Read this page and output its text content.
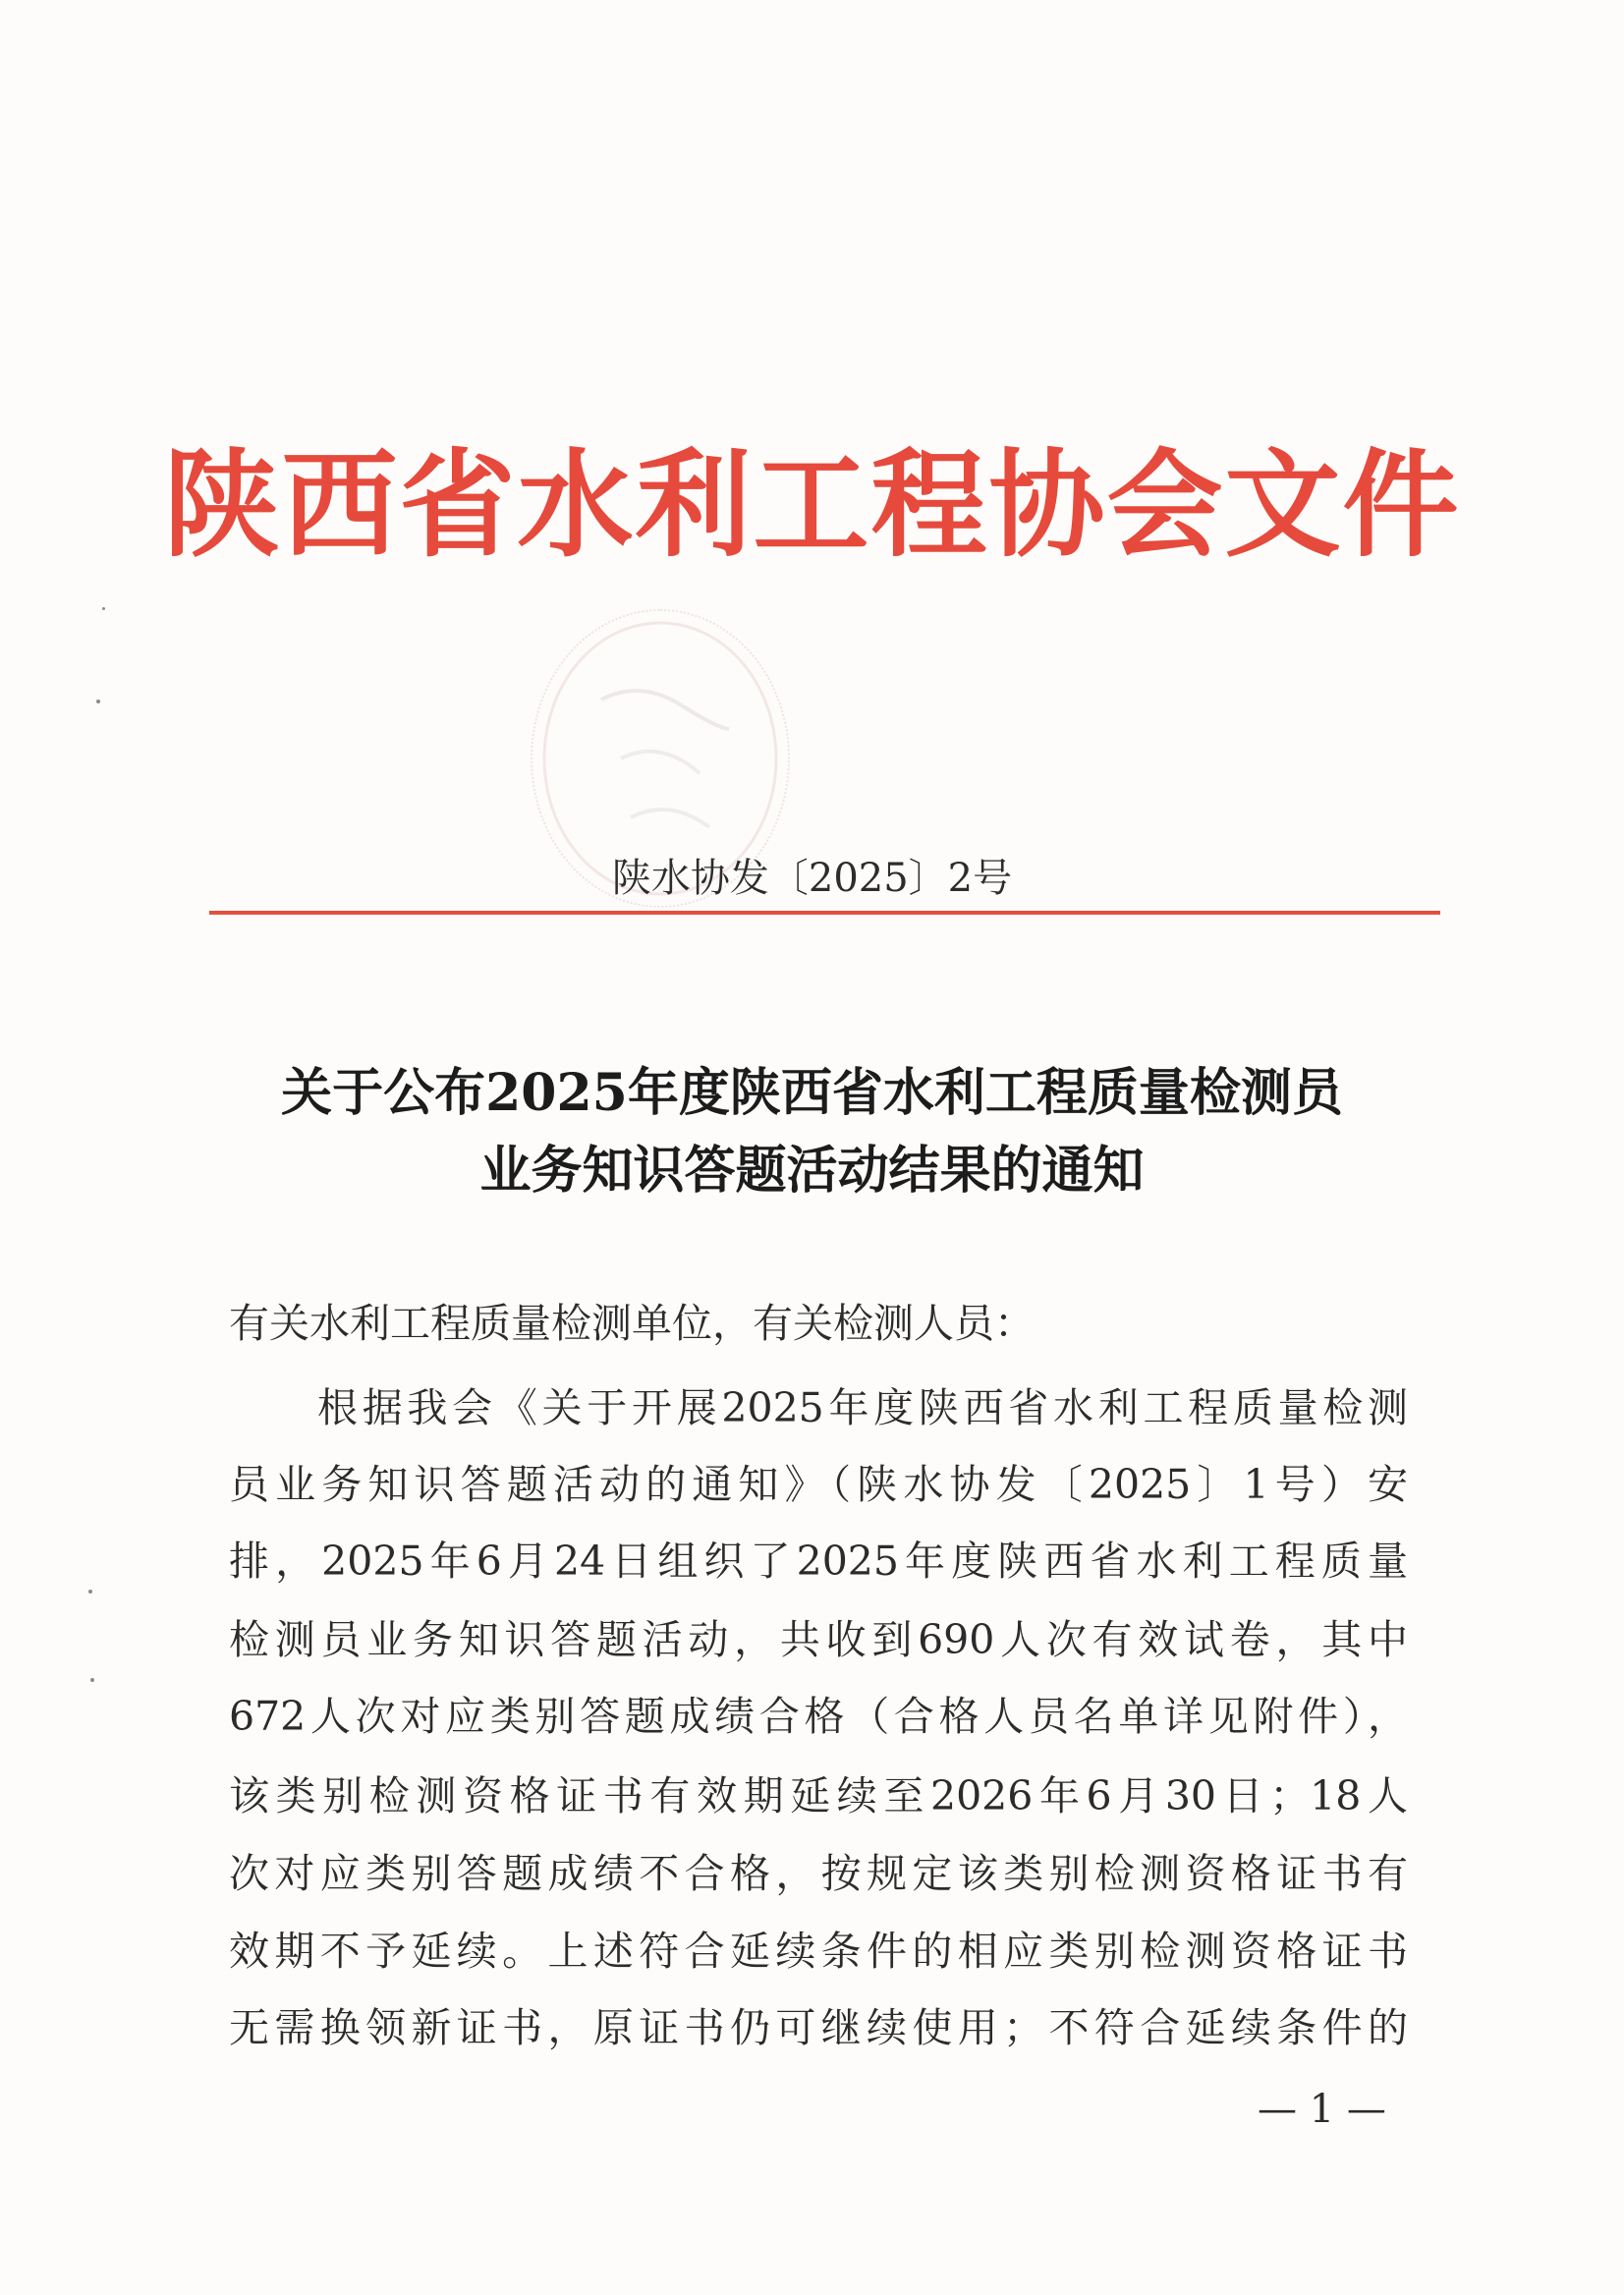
陕西省水利工程协会文件
陕水协发〔2025〕2号
关于公布2025年度陕西省水利工程质量检测员
业务知识答题活动结果的通知
有关水利工程质量检测单位，有关检测人员：
根据我会《关于开展2025年度陕西省水利工程质量检测
员业务知识答题活动的通知》（陕水协发〔2025〕1号）安
排，2025年6月24日组织了2025年度陕西省水利工程质量
检测员业务知识答题活动，共收到690人次有效试卷，其中
672人次对应类别答题成绩合格（合格人员名单详见附件），
该类别检测资格证书有效期延续至2026年6月30日；18人
次对应类别答题成绩不合格，按规定该类别检测资格证书有
效期不予延续。上述符合延续条件的相应类别检测资格证书
无需换领新证书，原证书仍可继续使用；不符合延续条件的
— 1 —
